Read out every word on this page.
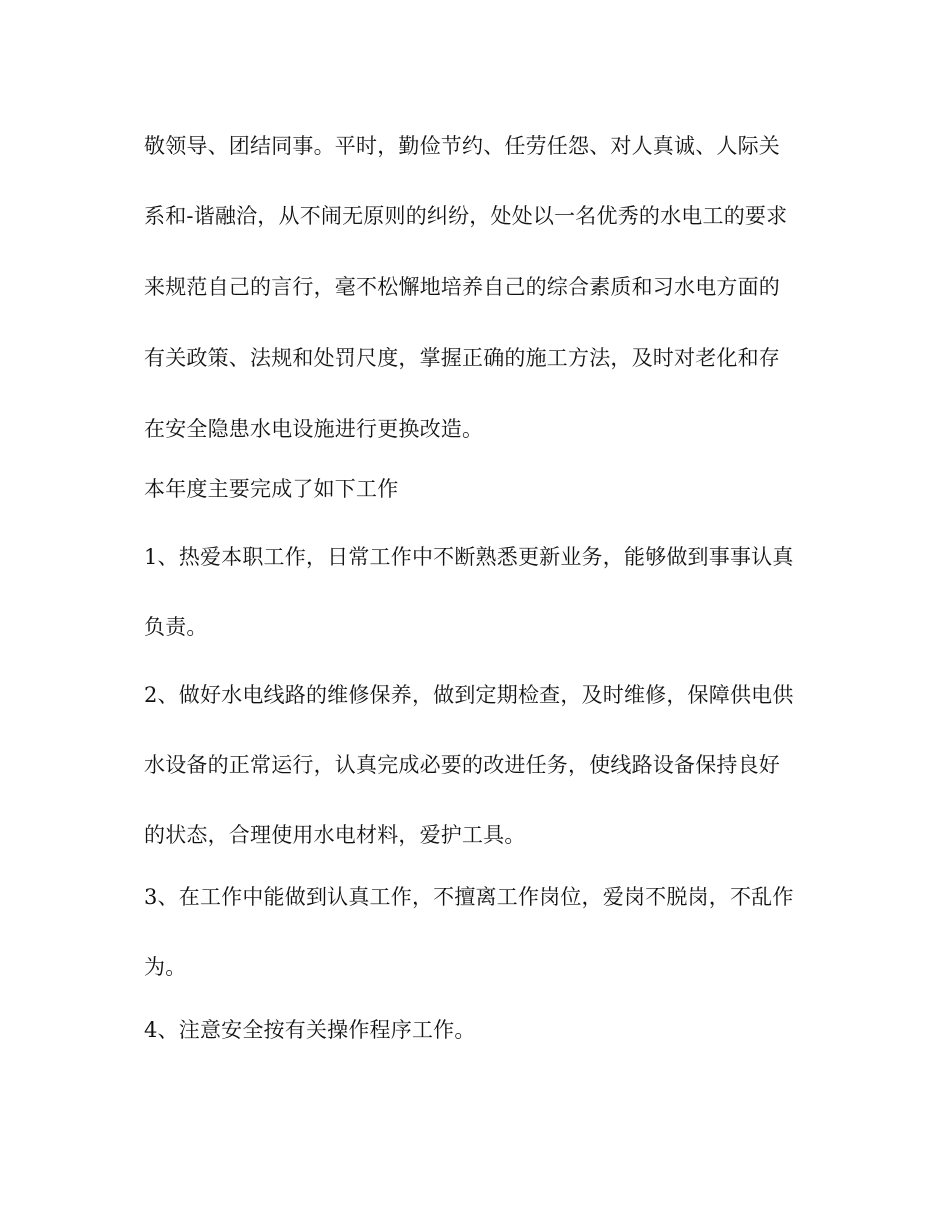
敬领导、团结同事。平时，勤俭节约、任劳任怨、对人真诚、人际关
系和-谐融洽，从不闹无原则的纠纷，处处以一名优秀的水电工的要求
来规范自己的言行，毫不松懈地培养自己的综合素质和习水电方面的
有关政策、法规和处罚尺度，掌握正确的施工方法，及时对老化和存
在安全隐患水电设施进行更换改造。
本年度主要完成了如下工作
1、热爱本职工作，日常工作中不断熟悉更新业务，能够做到事事认真
负责。
2、做好水电线路的维修保养，做到定期检查，及时维修，保障供电供
水设备的正常运行，认真完成必要的改进任务，使线路设备保持良好
的状态，合理使用水电材料，爱护工具。
3、在工作中能做到认真工作，不擅离工作岗位，爱岗不脱岗，不乱作
为。
4、注意安全按有关操作程序工作。
